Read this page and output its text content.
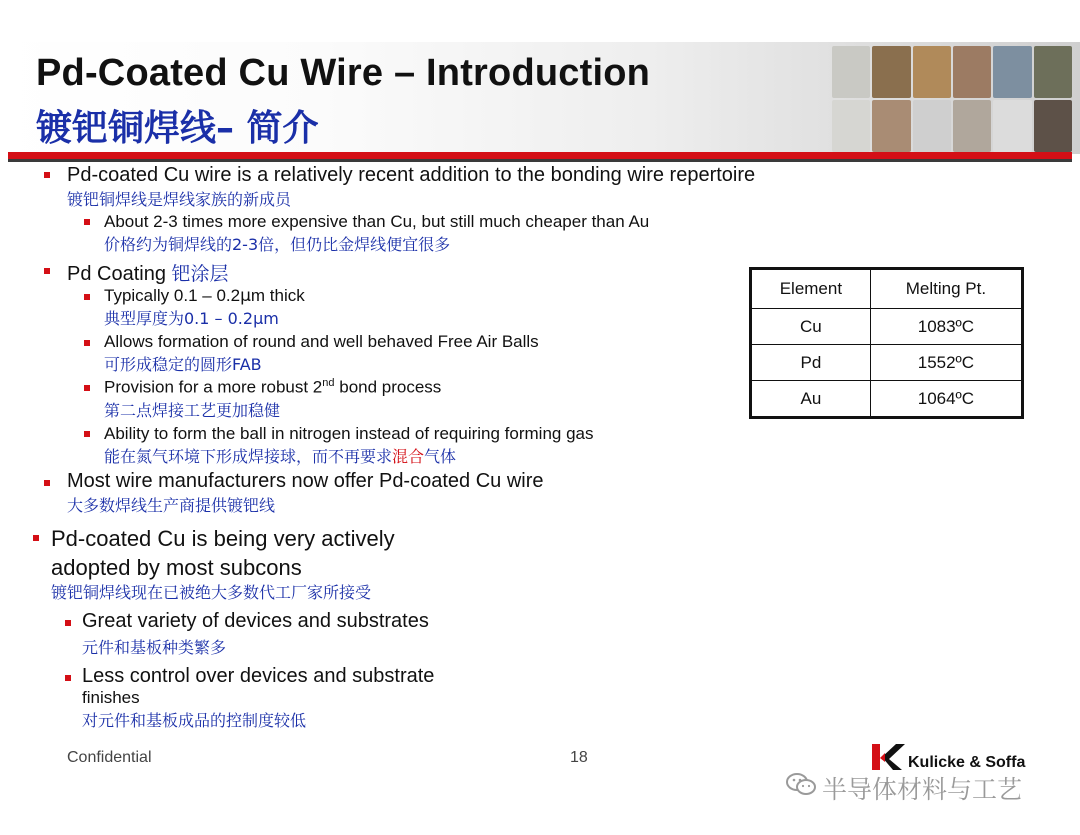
Pd-Coated Cu Wire – Introduction
镀钯铜焊线– 简介
Pd-coated Cu wire is a relatively recent addition to the bonding wire repertoire
镀钯铜焊线是焊线家族的新成员
About 2-3 times more expensive than Cu, but still much cheaper than Au
价格约为铜焊线的2-3倍，但仍比金焊线便宜很多
Pd Coating 钯涂层
Typically 0.1 – 0.2μm thick
典型厚度为0.1 – 0.2μm
Allows formation of round and well behaved Free Air Balls
可形成稳定的圆形FAB
Provision for a more robust 2nd bond process
第二点焊接工艺更加稳健
Ability to form the ball in nitrogen instead of requiring forming gas
能在氮气环境下形成焊接球，而不再要求混合气体
Most wire manufacturers now offer Pd-coated Cu wire
大多数焊线生产商提供镀钯线
Pd-coated Cu is being very actively
adopted by most subcons
镀钯铜焊线现在已被绝大多数代工厂家所接受
Great variety of devices and substrates
元件和基板种类繁多
Less control over devices and substrate
finishes
对元件和基板成品的控制度较低
Element	Melting Pt.
Cu	1083ºC
Pd	1552ºC
Au	1064ºC
Confidential	18	Kulicke & Soffa
半导体材料与工艺
